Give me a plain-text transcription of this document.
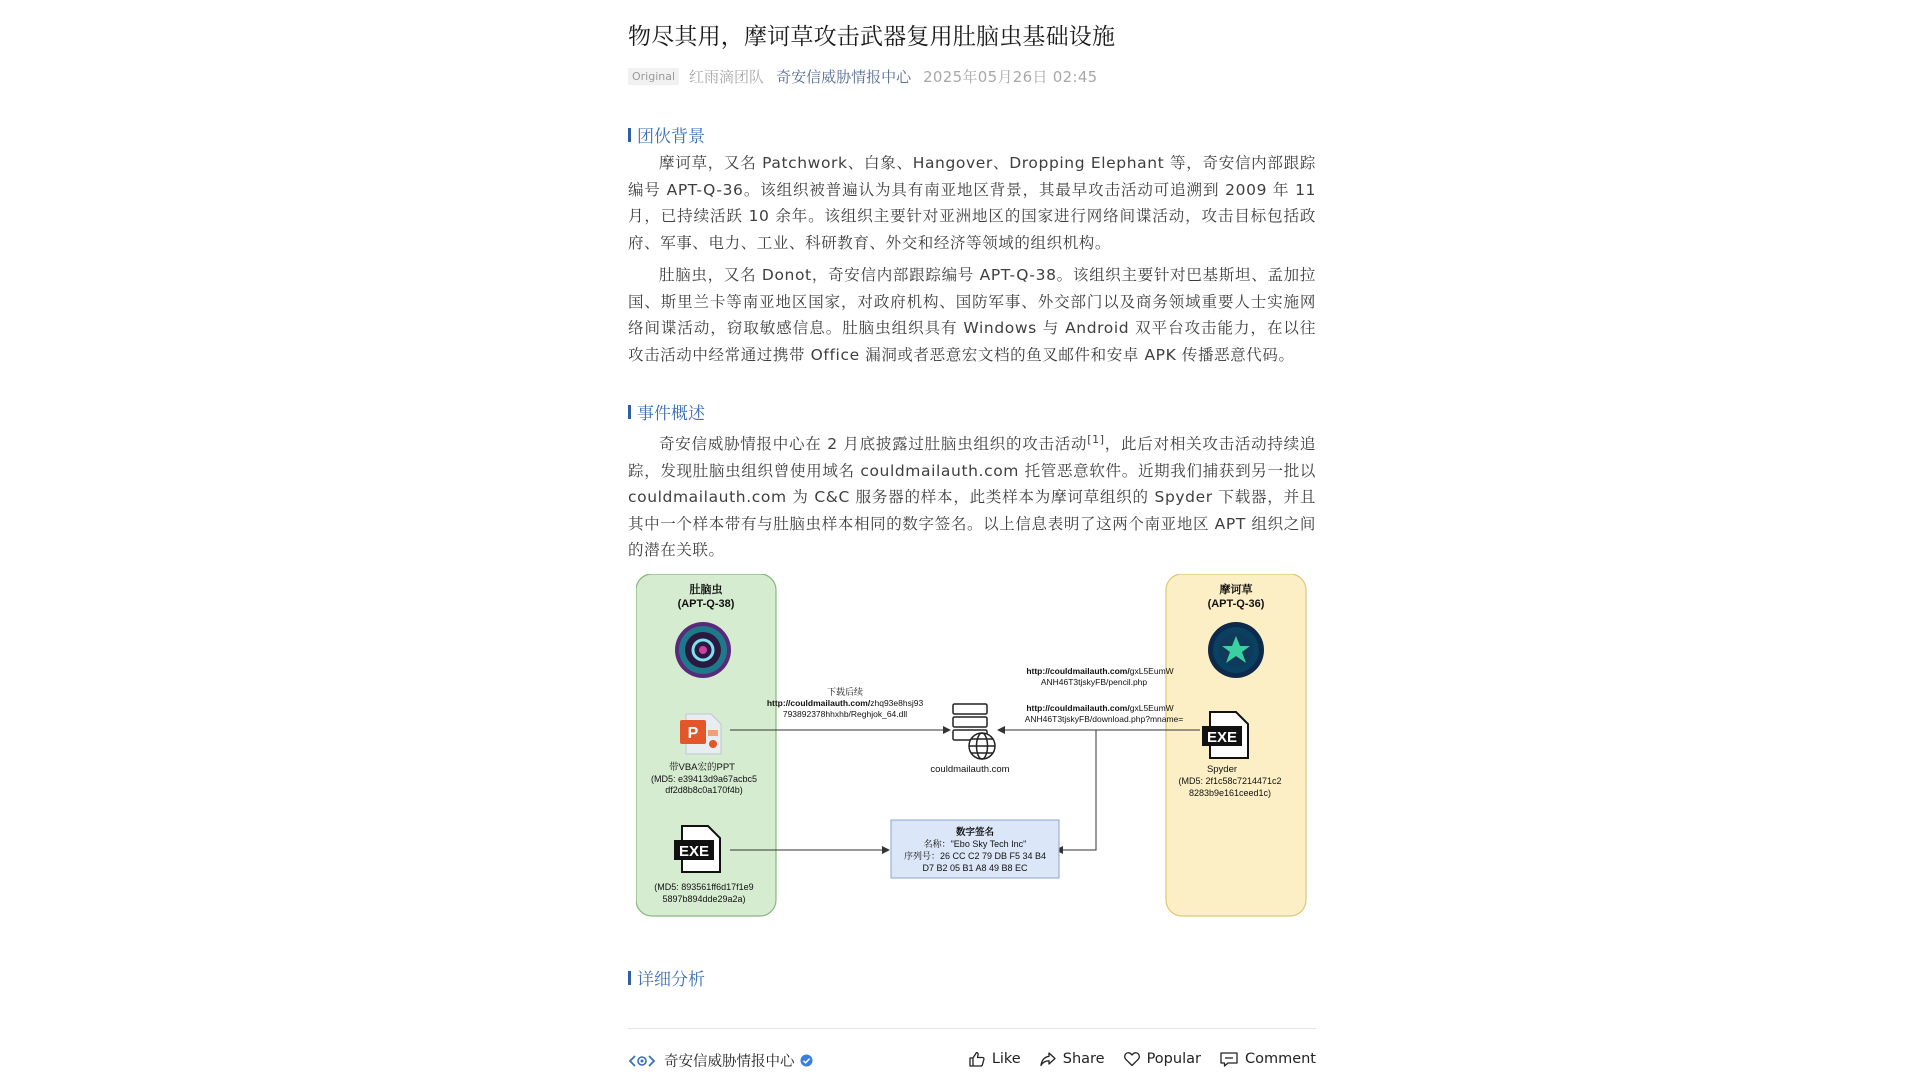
物尽其用，摩诃草攻击武器复用肚脑虫基础设施
Original 红雨滴团队 奇安信威胁情报中心 2025年05月26日 02:45
团伙背景

摩诃草，又名 Patchwork、白象、Hangover、Dropping Elephant 等，奇安信内部跟踪编号 APT-Q-36。该组织被普遍认为具有南亚地区背景，其最早攻击活动可追溯到 2009 年 11 月，已持续活跃 10 余年。该组织主要针对亚洲地区的国家进行网络间谍活动，攻击目标包括政府、军事、电力、工业、科研教育、外交和经济等领域的组织机构。

肚脑虫，又名 Donot，奇安信内部跟踪编号 APT-Q-38。该组织主要针对巴基斯坦、孟加拉国、斯里兰卡等南亚地区国家，对政府机构、国防军事、外交部门以及商务领域重要人士实施网络间谍活动，窃取敏感信息。肚脑虫组织具有 Windows 与 Android 双平台攻击能力，在以往攻击活动中经常通过携带 Office 漏洞或者恶意宏文档的鱼叉邮件和安卓 APK 传播恶意代码。

事件概述

奇安信威胁情报中心在 2 月底披露过肚脑虫组织的攻击活动[1]，此后对相关攻击活动持续追踪，发现肚脑虫组织曾使用域名 couldmailauth.com 托管恶意软件。近期我们捕获到另一批以 couldmailauth.com 为 C&C 服务器的样本，此类样本为摩诃草组织的 Spyder 下载器，并且其中一个样本带有与肚脑虫样本相同的数字签名。以上信息表明了这两个南亚地区 APT 组织之间的潜在关联。

肚脑虫
(APT-Q-38)
摩诃草
(APT-Q-36)
P
带VBA宏的PPT
(MD5: e39413d9a67acbc5
df2d8b8c0a170f4b)
EXE
(MD5: 893561ff6d17f1e9
5897b894dde29a2a)
EXE
Spyder
(MD5: 2f1c58c7214471c2
8283b9e161ceed1c)
couldmailauth.com
下载后续
http://couldmailauth.com/zhq93e8hsj93
793892378hhxhb/Reghjok_64.dll
http://couldmailauth.com/gxL5EumW
ANH46T3tjskyFB/pencil.php
http://couldmailauth.com/gxL5EumW
ANH46T3tjskyFB/download.php?mname=
数字签名
名称："Ebo Sky Tech Inc"
序列号：26 CC C2 79 DB F5 34 B4
D7 B2 05 B1 A8 49 B8 EC
详细分析
奇安信威胁情报中心	Like	Share	Popular	Comment
